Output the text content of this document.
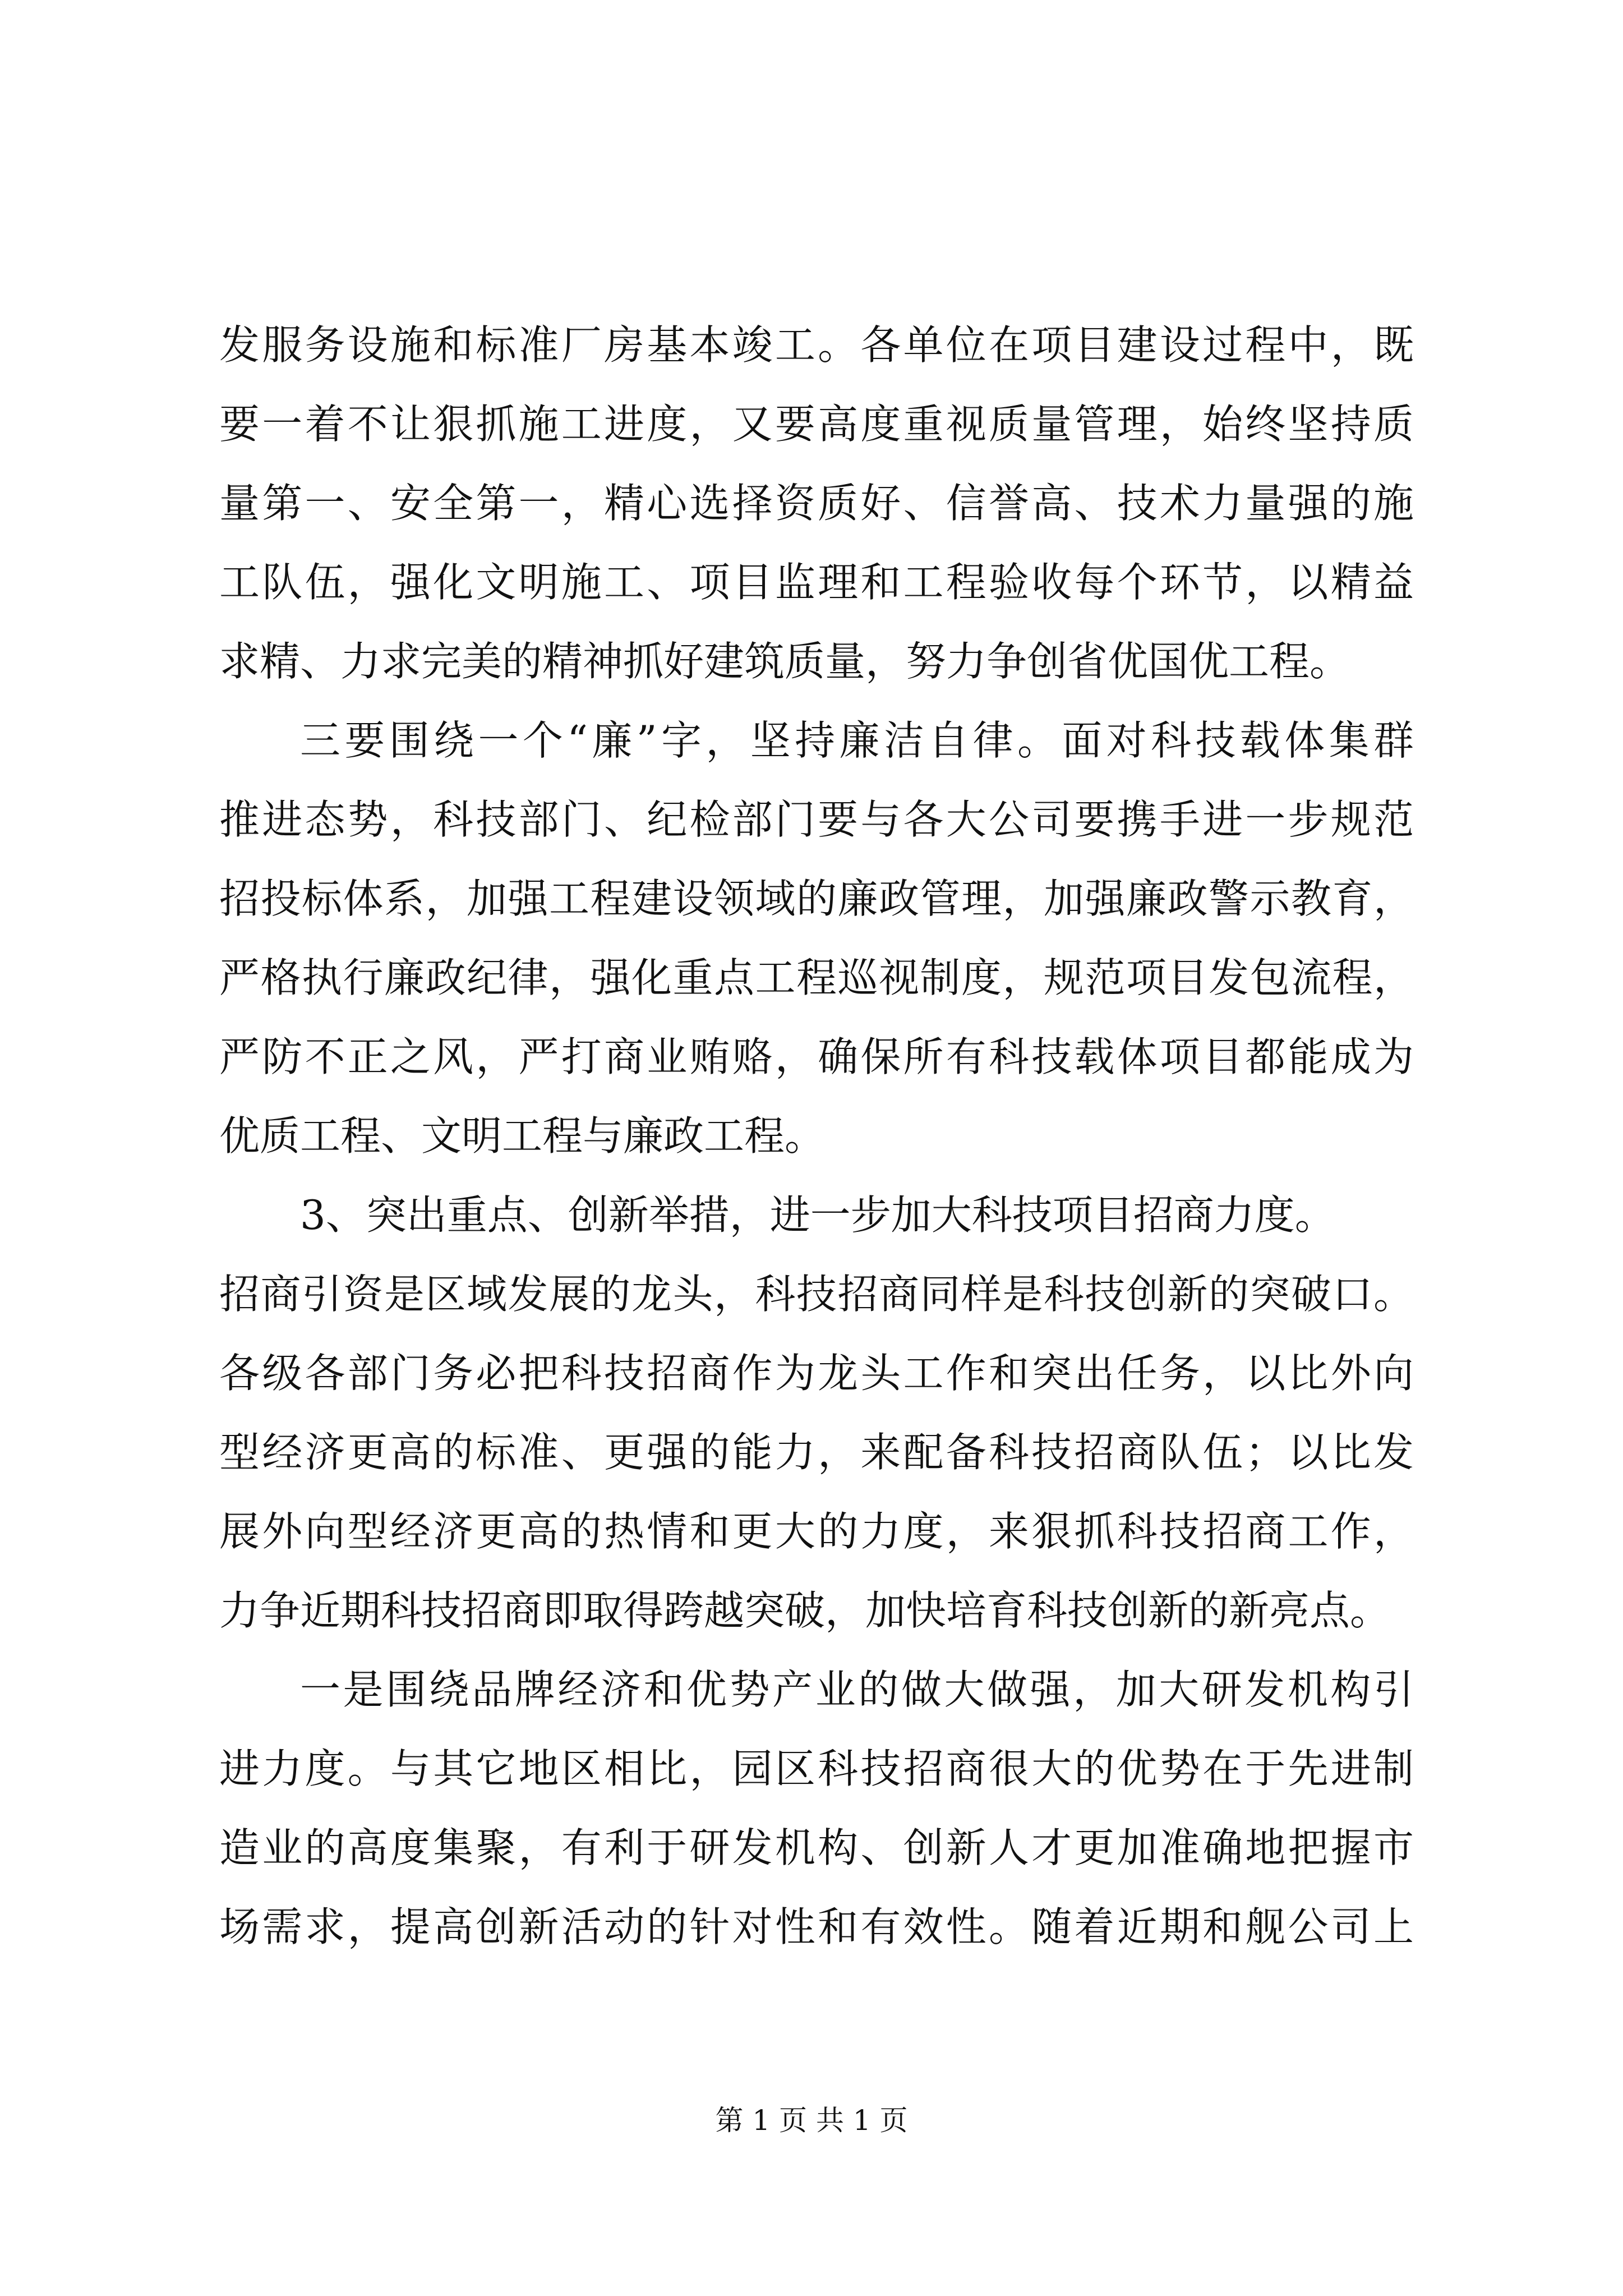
发服务设施和标准厂房基本竣工。各单位在项目建设过程中，既
要一着不让狠抓施工进度，又要高度重视质量管理，始终坚持质
量第一、安全第一，精心选择资质好、信誉高、技术力量强的施
工队伍，强化文明施工、项目监理和工程验收每个环节，以精益
求精、力求完美的精神抓好建筑质量，努力争创省优国优工程。
三要围绕一个“廉”字，坚持廉洁自律。面对科技载体集群
推进态势，科技部门、纪检部门要与各大公司要携手进一步规范
招投标体系，加强工程建设领域的廉政管理，加强廉政警示教育，
严格执行廉政纪律，强化重点工程巡视制度，规范项目发包流程，
严防不正之风，严打商业贿赂，确保所有科技载体项目都能成为
优质工程、文明工程与廉政工程。
3、突出重点、创新举措，进一步加大科技项目招商力度。
招商引资是区域发展的龙头，科技招商同样是科技创新的突破口。
各级各部门务必把科技招商作为龙头工作和突出任务，以比外向
型经济更高的标准、更强的能力，来配备科技招商队伍；以比发
展外向型经济更高的热情和更大的力度，来狠抓科技招商工作，
力争近期科技招商即取得跨越突破，加快培育科技创新的新亮点。
一是围绕品牌经济和优势产业的做大做强，加大研发机构引
进力度。与其它地区相比，园区科技招商很大的优势在于先进制
造业的高度集聚，有利于研发机构、创新人才更加准确地把握市
场需求，提高创新活动的针对性和有效性。随着近期和舰公司上
第 1 页 共 1 页
